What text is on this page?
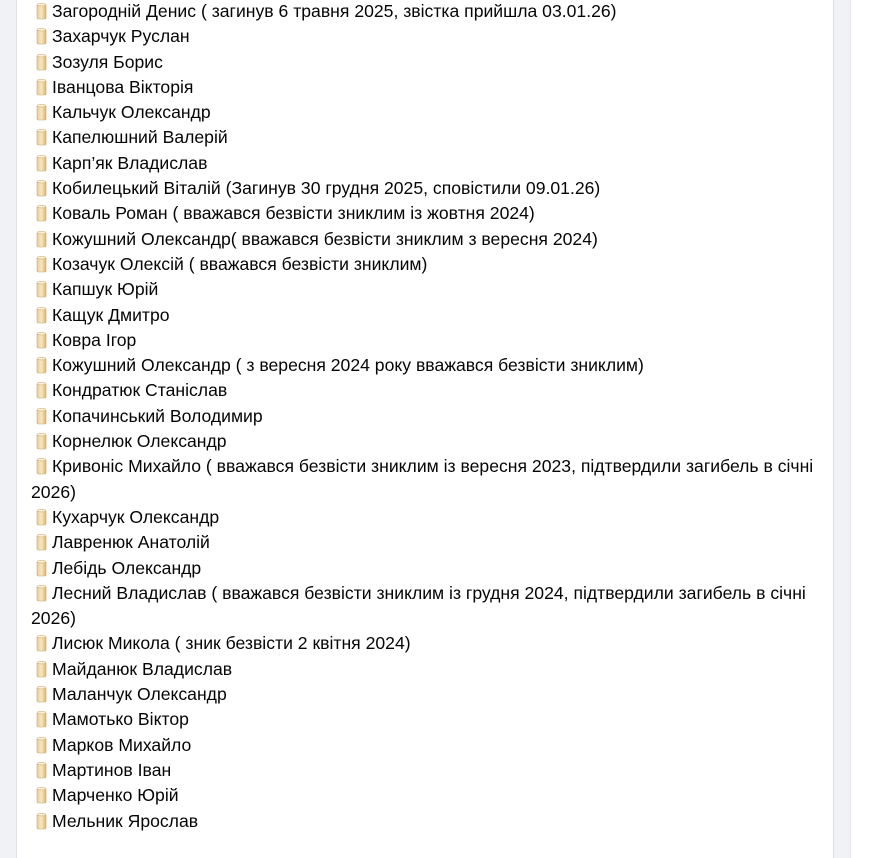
Загородній Денис ( загинув 6 травня 2025, звістка прийшла 03.01.26)
Захарчук Руслан
Зозуля Борис
Іванцова Вікторія
Кальчук Олександр
Капелюшний Валерій
Карп’як Владислав
Кобилецький Віталій (Загинув 30 грудня 2025, сповістили 09.01.26)
Коваль Роман ( вважався безвісти зниклим із жовтня 2024)
Кожушний Олександр( вважався безвісти зниклим з вересня 2024)
Козачук Олексій ( вважався безвісти зниклим)
Капшук Юрій
Кащук Дмитро
Ковра Ігор
Кожушний Олександр ( з вересня 2024 року вважався безвісти зниклим)
Кондратюк Станіслав
Копачинський Володимир
Корнелюк Олександр
Кривоніс Михайло ( вважався безвісти зниклим із вересня 2023, підтвердили загибель в січні 2026)
Кухарчук Олександр
Лавренюк Анатолій
Лебідь Олександр
Лесний Владислав ( вважався безвісти зниклим із грудня 2024, підтвердили загибель в січні 2026)
Лисюк Микола ( зник безвісти 2 квітня 2024)
Майданюк Владислав
Маланчук Олександр
Мамотько Віктор
Марков Михайло
Мартинов Іван
Марченко Юрій
Мельник Ярослав
